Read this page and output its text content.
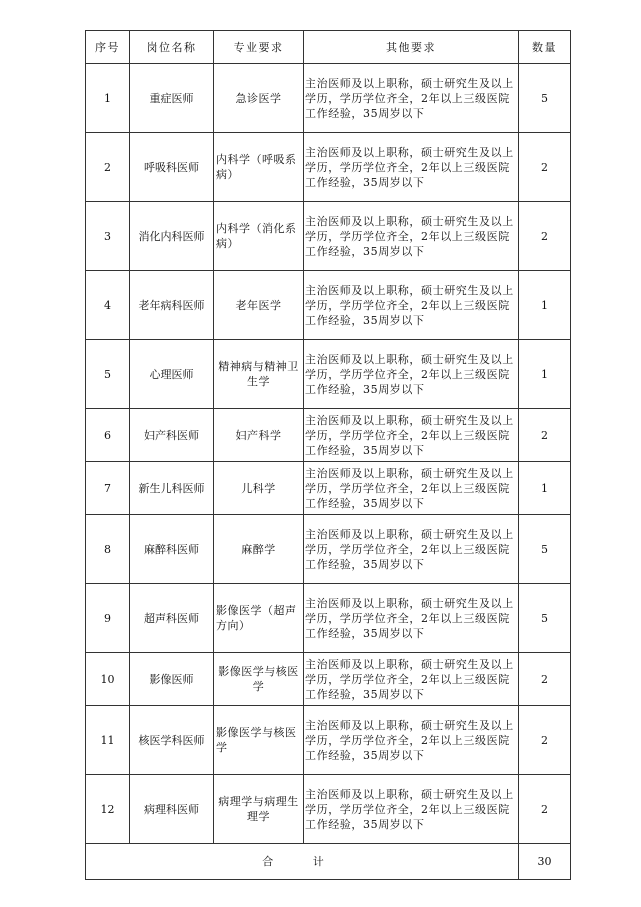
序号	岗位名称	专业要求	其他要求	数量
1	重症医师	急诊医学	主治医师及以上职称，硕士研究生及以上学历，学历学位齐全，2年以上三级医院工作经验，35周岁以下	5
2	呼吸科医师	内科学（呼吸系病）	主治医师及以上职称，硕士研究生及以上学历，学历学位齐全，2年以上三级医院工作经验，35周岁以下	2
3	消化内科医师	内科学（消化系病）	主治医师及以上职称，硕士研究生及以上学历，学历学位齐全，2年以上三级医院工作经验，35周岁以下	2
4	老年病科医师	老年医学	主治医师及以上职称，硕士研究生及以上学历，学历学位齐全，2年以上三级医院工作经验，35周岁以下	1
5	心理医师	精神病与精神卫生学	主治医师及以上职称，硕士研究生及以上学历，学历学位齐全，2年以上三级医院工作经验，35周岁以下	1
6	妇产科医师	妇产科学	主治医师及以上职称，硕士研究生及以上学历，学历学位齐全，2年以上三级医院工作经验，35周岁以下	2
7	新生儿科医师	儿科学	主治医师及以上职称，硕士研究生及以上学历，学历学位齐全，2年以上三级医院工作经验，35周岁以下	1
8	麻醉科医师	麻醉学	主治医师及以上职称，硕士研究生及以上学历，学历学位齐全，2年以上三级医院工作经验，35周岁以下	5
9	超声科医师	影像医学（超声方向）	主治医师及以上职称，硕士研究生及以上学历，学历学位齐全，2年以上三级医院工作经验，35周岁以下	5
10	影像医师	影像医学与核医学	主治医师及以上职称，硕士研究生及以上学历，学历学位齐全，2年以上三级医院工作经验，35周岁以下	2
11	核医学科医师	影像医学与核医学	主治医师及以上职称，硕士研究生及以上学历，学历学位齐全，2年以上三级医院工作经验，35周岁以下	2
12	病理科医师	病理学与病理生理学	主治医师及以上职称，硕士研究生及以上学历，学历学位齐全，2年以上三级医院工作经验，35周岁以下	2
合 计				30
